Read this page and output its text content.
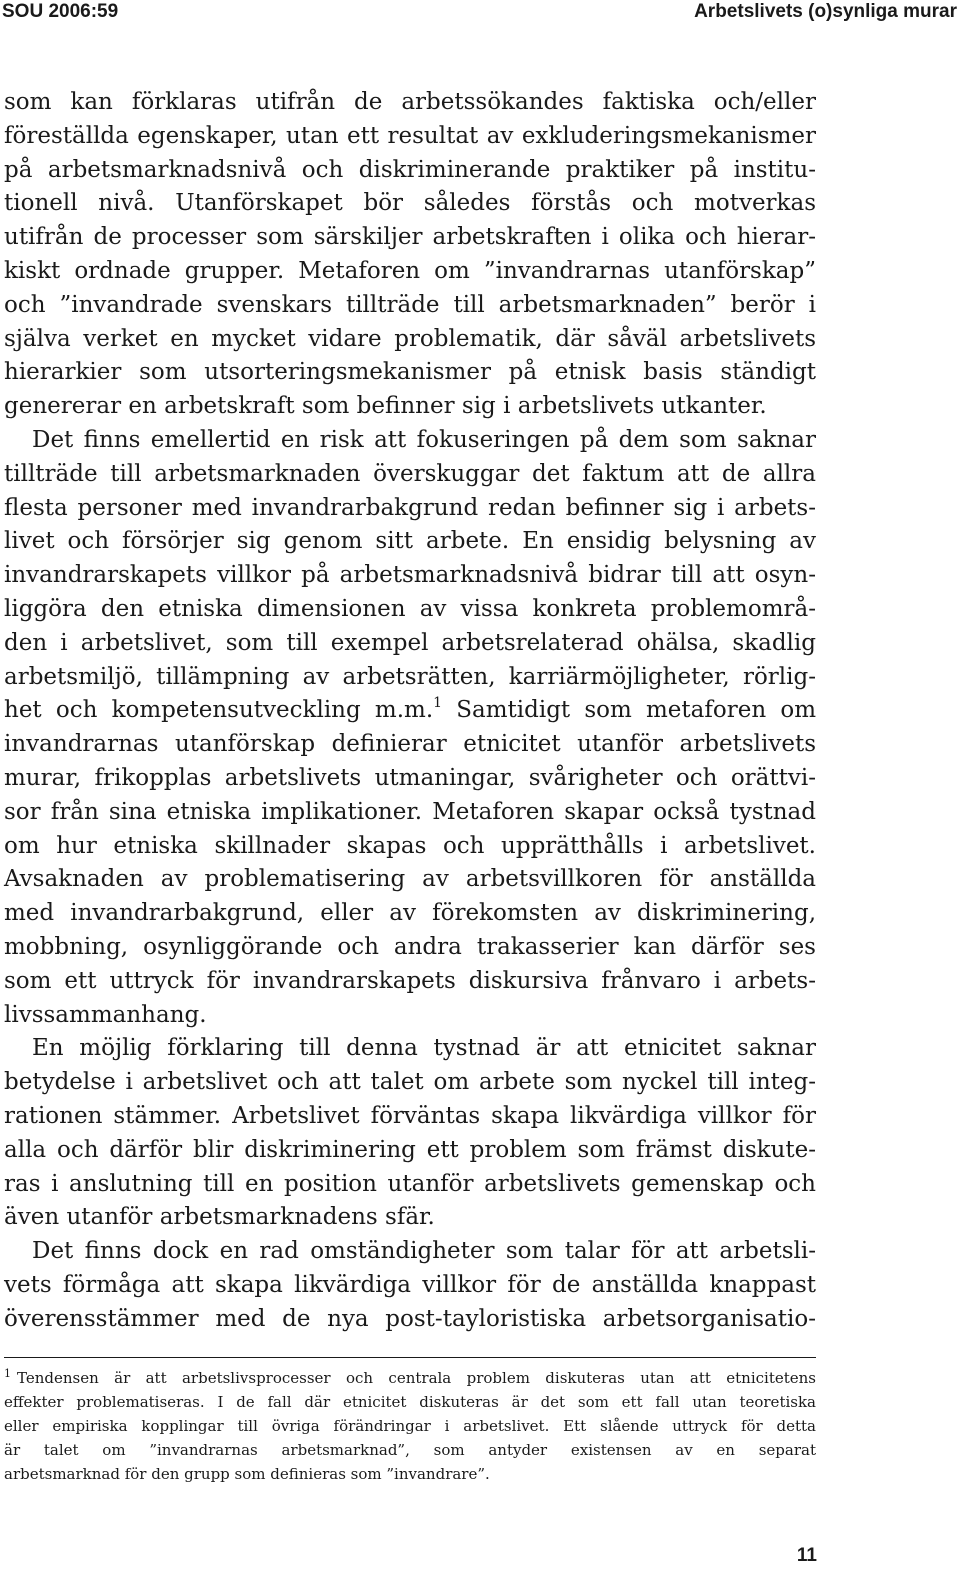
SOU 2006:59	Arbetslivets (o)synliga murar
som kan förklaras utifrån de arbetssökandes faktiska och/eller
föreställda egenskaper, utan ett resultat av exkluderingsmekanismer
på arbetsmarknadsnivå och diskriminerande praktiker på institu-
tionell nivå. Utanförskapet bör således förstås och motverkas
utifrån de processer som särskiljer arbetskraften i olika och hierar-
kiskt ordnade grupper. Metaforen om ”invandrarnas utanförskap”
och ”invandrade svenskars tillträde till arbetsmarknaden” berör i
själva verket en mycket vidare problematik, där såväl arbetslivets
hierarkier som utsorteringsmekanismer på etnisk basis ständigt
genererar en arbetskraft som befinner sig i arbetslivets utkanter.
Det finns emellertid en risk att fokuseringen på dem som saknar
tillträde till arbetsmarknaden överskuggar det faktum att de allra
flesta personer med invandrarbakgrund redan befinner sig i arbets-
livet och försörjer sig genom sitt arbete. En ensidig belysning av
invandrarskapets villkor på arbetsmarknadsnivå bidrar till att osyn-
liggöra den etniska dimensionen av vissa konkreta problemområ-
den i arbetslivet, som till exempel arbetsrelaterad ohälsa, skadlig
arbetsmiljö, tillämpning av arbetsrätten, karriärmöjligheter, rörlig-
het och kompetensutveckling m.m.$^1$ Samtidigt som metaforen om
invandrarnas utanförskap definierar etnicitet utanför arbetslivets
murar, frikopplas arbetslivets utmaningar, svårigheter och orättvi-
sor från sina etniska implikationer. Metaforen skapar också tystnad
om hur etniska skillnader skapas och upprätthålls i arbetslivet.
Avsaknaden av problematisering av arbetsvillkoren för anställda
med invandrarbakgrund, eller av förekomsten av diskriminering,
mobbning, osynliggörande och andra trakasserier kan därför ses
som ett uttryck för invandrarskapets diskursiva frånvaro i arbets-
livssammanhang.
En möjlig förklaring till denna tystnad är att etnicitet saknar
betydelse i arbetslivet och att talet om arbete som nyckel till integ-
rationen stämmer. Arbetslivet förväntas skapa likvärdiga villkor för
alla och därför blir diskriminering ett problem som främst diskute-
ras i anslutning till en position utanför arbetslivets gemenskap och
även utanför arbetsmarknadens sfär.
Det finns dock en rad omständigheter som talar för att arbetsli-
vets förmåga att skapa likvärdiga villkor för de anställda knappast
överensstämmer med de nya post-tayloristiska arbetsorganisatio-
$^1$ Tendensen är att arbetslivsprocesser och centrala problem diskuteras utan att etnicitetens
effekter problematiseras. I de fall där etnicitet diskuteras är det som ett fall utan teoretiska
eller empiriska kopplingar till övriga förändringar i arbetslivet. Ett slående uttryck för detta
är talet om ”invandrarnas arbetsmarknad”, som antyder existensen av en separat
arbetsmarknad för den grupp som definieras som ”invandrare”.
11
